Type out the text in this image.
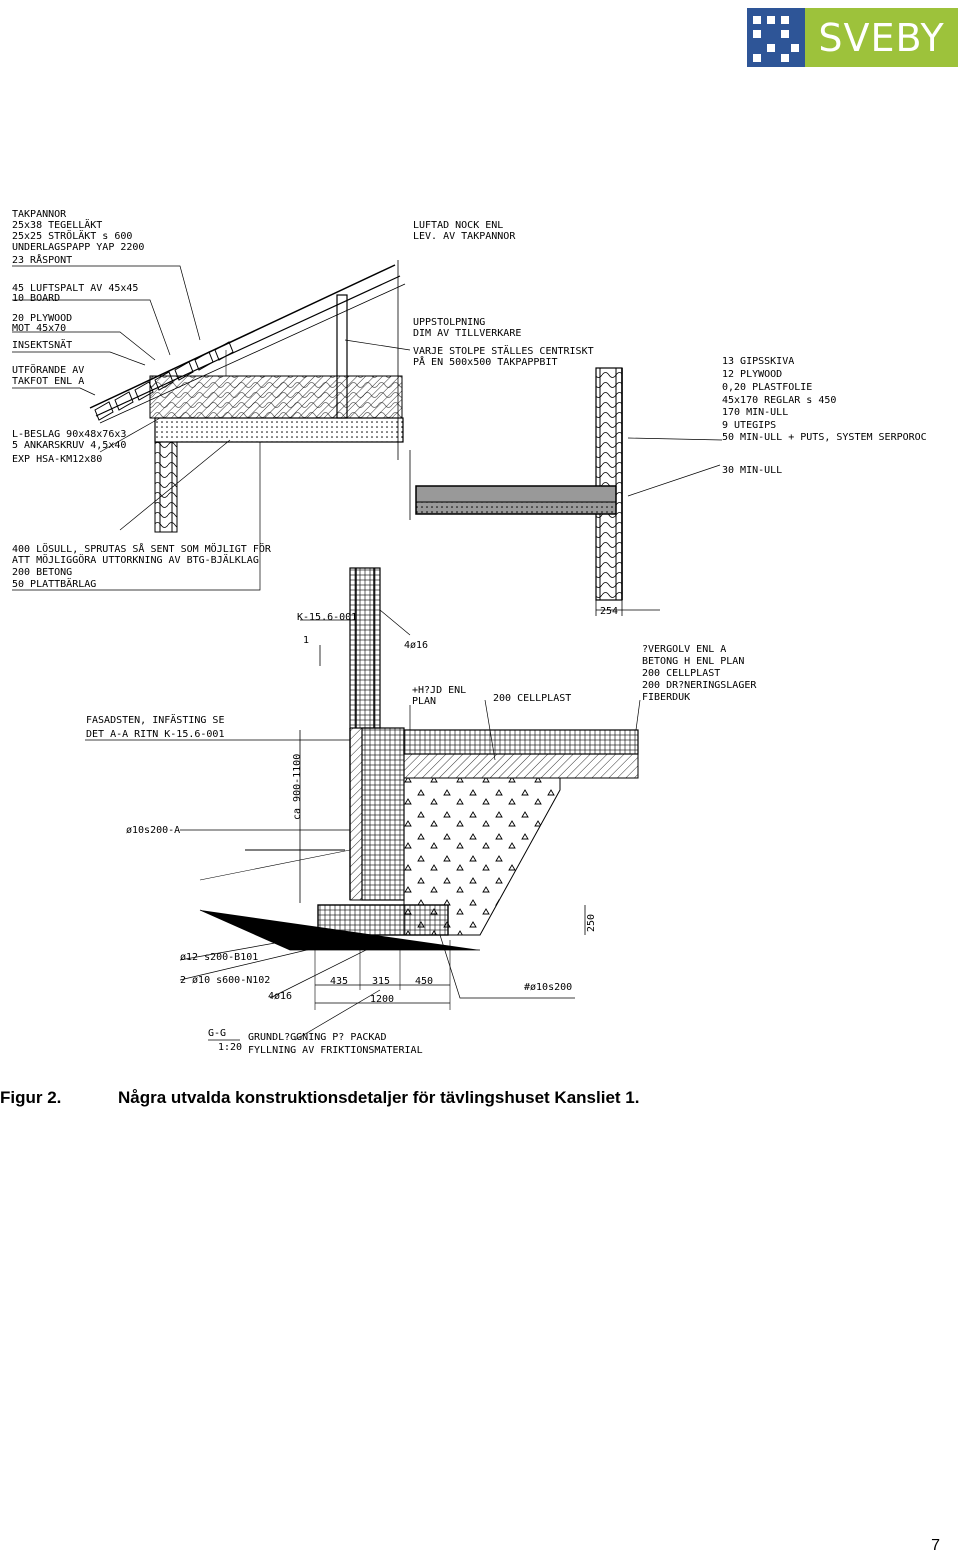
SVEBY
TAKPANNOR
25x38 TEGELLÄKT
25x25 STRÖLÄKT s 600
UNDERLAGSPAPP YAP 2200
23 RÅSPONT
45 LUFTSPALT AV 45x45
10 BOARD
20 PLYWOOD
MOT 45x70
INSEKTSNÄT
UTFÖRANDE AV
TAKFOT ENL A
L-BESLAG 90x48x76x3
5 ANKARSKRUV 4,5x40
EXP HSA-KM12x80
LUFTAD NOCK ENL
LEV. AV TAKPANNOR
UPPSTOLPNING
DIM AV TILLVERKARE
VARJE STOLPE STÄLLES CENTRISKT
PÅ EN 500x500 TAKPAPPBIT	13 GIPSSKIVA
12 PLYWOOD
0,20 PLASTFOLIE
45x170 REGLAR s 450
170 MIN-ULL
9 UTEGIPS
50 MIN-ULL + PUTS, SYSTEM SERPOROC
30 MIN-ULL
400 LÖSULL, SPRUTAS SÅ SENT SOM MÖJLIGT FÖR
ATT MÖJLIGGÖRA UTTORKNING AV BTG-BJÄLKLAG
200 BETONG
50 PLATTBÄRLAG
254
K-15.6-001
1	4ø16	?VERGOLV ENL A
BETONG H ENL PLAN
200 CELLPLAST
200 DR?NERINGSLAGER
FIBERDUK
+H?JD ENL
PLAN	200 CELLPLAST
FASADSTEN, INFÄSTING SE
DET A-A RITN K-15.6-001
ca 900-1100
ø10s200-A
250
ø12 s200-B101
2 ø10 s600-N102
4ø16
435 315 450
1200
#ø10s200
G-G
1:20
GRUNDL?GGNING P? PACKAD
FYLLNING AV FRIKTIONSMATERIAL
Figur 2.	Några utvalda konstruktionsdetaljer för tävlingshuset Kansliet 1.
7
